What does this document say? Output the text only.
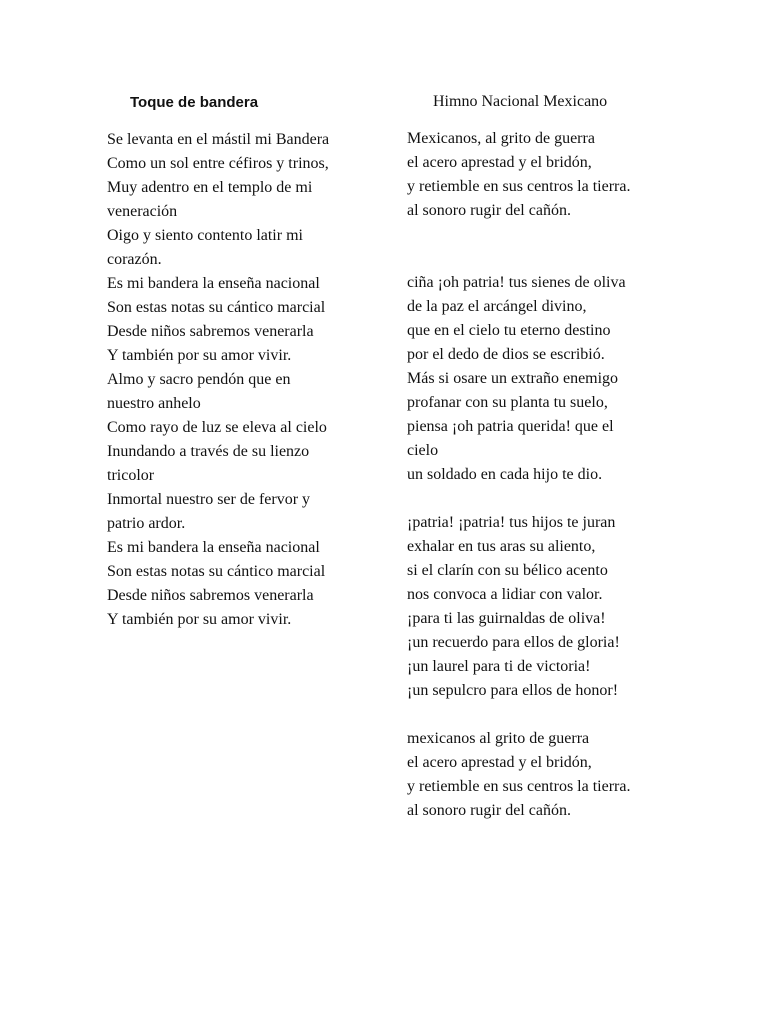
Toque de bandera	Himno Nacional Mexicano
Se levanta en el mástil mi Bandera
Como un sol entre céfiros y trinos,
Muy adentro en el templo de mi
veneración
Oigo y siento contento latir mi
corazón.
Es mi bandera la enseña nacional
Son estas notas su cántico marcial
Desde niños sabremos venerarla
Y también por su amor vivir.
Almo y sacro pendón que en
nuestro anhelo
Como rayo de luz se eleva al cielo
Inundando a través de su lienzo
tricolor
Inmortal nuestro ser de fervor y
patrio ardor.
Es mi bandera la enseña nacional
Son estas notas su cántico marcial
Desde niños sabremos venerarla
Y también por su amor vivir.
Mexicanos, al grito de guerra
el acero aprestad y el bridón,
y retiemble en sus centros la tierra.
al sonoro rugir del cañón.
ciña ¡oh patria! tus sienes de oliva
de la paz el arcángel divino,
que en el cielo tu eterno destino
por el dedo de dios se escribió.
Más si osare un extraño enemigo
profanar con su planta tu suelo,
piensa ¡oh patria querida! que el
cielo
un soldado en cada hijo te dio.
¡patria! ¡patria! tus hijos te juran
exhalar en tus aras su aliento,
si el clarín con su bélico acento
nos convoca a lidiar con valor.
¡para ti las guirnaldas de oliva!
¡un recuerdo para ellos de gloria!
¡un laurel para ti de victoria!
¡un sepulcro para ellos de honor!
mexicanos al grito de guerra
el acero aprestad y el bridón,
y retiemble en sus centros la tierra.
al sonoro rugir del cañón.
